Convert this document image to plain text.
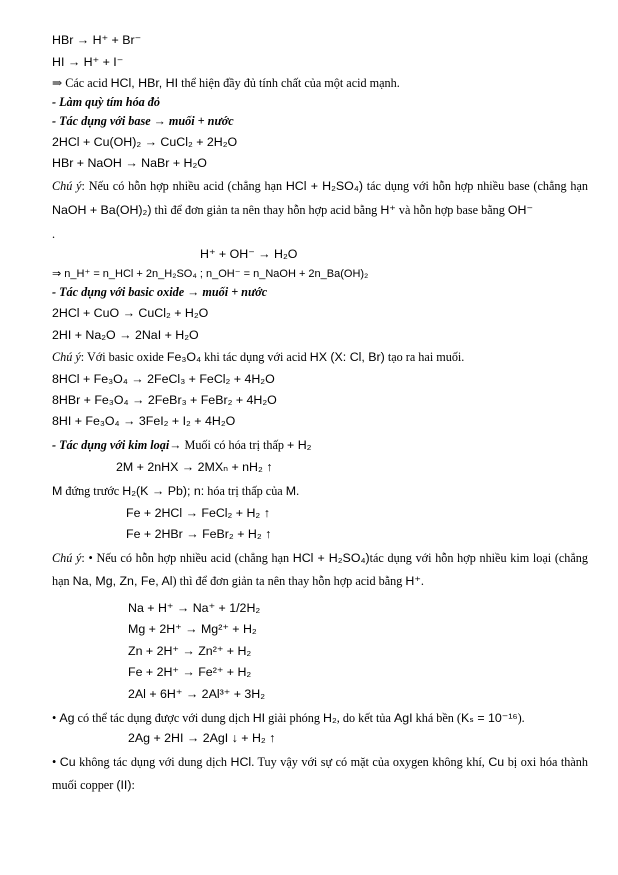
HBr → H⁺ + Br⁻
HI → H⁺ + I⁻
⇒ Các acid HCl, HBr, HI thể hiện đầy đủ tính chất của một acid mạnh.
- Làm quỳ tím hóa đỏ
- Tác dụng với base → muối + nước
2HCl + Cu(OH)₂ → CuCl₂ + 2H₂O
HBr + NaOH → NaBr + H₂O
Chú ý: Nếu có hỗn hợp nhiều acid (chẳng hạn HCl + H₂SO₄) tác dụng với hỗn hợp nhiều base (chẳng hạn NaOH + Ba(OH)₂) thì để đơn giản ta nên thay hỗn hợp acid bằng H⁺ và hỗn hợp base bằng OH⁻
.
H⁺ + OH⁻ → H₂O
⇒ n_H⁺ = n_HCl + 2n_H₂SO₄ ; n_OH⁻ = n_NaOH + 2n_Ba(OH)₂
- Tác dụng với basic oxide → muối + nước
2HCl + CuO → CuCl₂ + H₂O
2HI + Na₂O → 2NaI + H₂O
Chú ý: Với basic oxide Fe₃O₄ khi tác dụng với acid HX (X: Cl, Br) tạo ra hai muối.
8HCl + Fe₃O₄ → 2FeCl₃ + FeCl₂ + 4H₂O
8HBr + Fe₃O₄ → 2FeBr₃ + FeBr₂ + 4H₂O
8HI + Fe₃O₄ → 3FeI₂ + I₂ + 4H₂O
- Tác dụng với kim loại→ Muối có hóa trị thấp + H₂
2M + 2nHX → 2MXₙ + nH₂ ↑
M đứng trước H₂(K → Pb); n: hóa trị thấp của M.
Fe + 2HCl → FeCl₂ + H₂ ↑
Fe + 2HBr → FeBr₂ + H₂ ↑
Chú ý: • Nếu có hỗn hợp nhiều acid (chẳng hạn HCl + H₂SO₄)tác dụng với hỗn hợp nhiều kim loại (chẳng hạn Na, Mg, Zn, Fe, Al) thì để đơn giản ta nên thay hỗn hợp acid bằng H⁺.
Na + H⁺ → Na⁺ + 1/2H₂
Mg + 2H⁺ → Mg²⁺ + H₂
Zn + 2H⁺ → Zn²⁺ + H₂
Fe + 2H⁺ → Fe²⁺ + H₂
2Al + 6H⁺ → 2Al³⁺ + 3H₂
• Ag có thể tác dụng được với dung dịch HI giải phóng H₂, do kết tủa AgI khá bền (Kₛ = 10⁻¹⁶).
2Ag + 2HI → 2AgI ↓ + H₂ ↑
• Cu không tác dụng với dung dịch HCl. Tuy vậy với sự có mặt của oxygen không khí, Cu bị oxi hóa thành muối copper (II):
